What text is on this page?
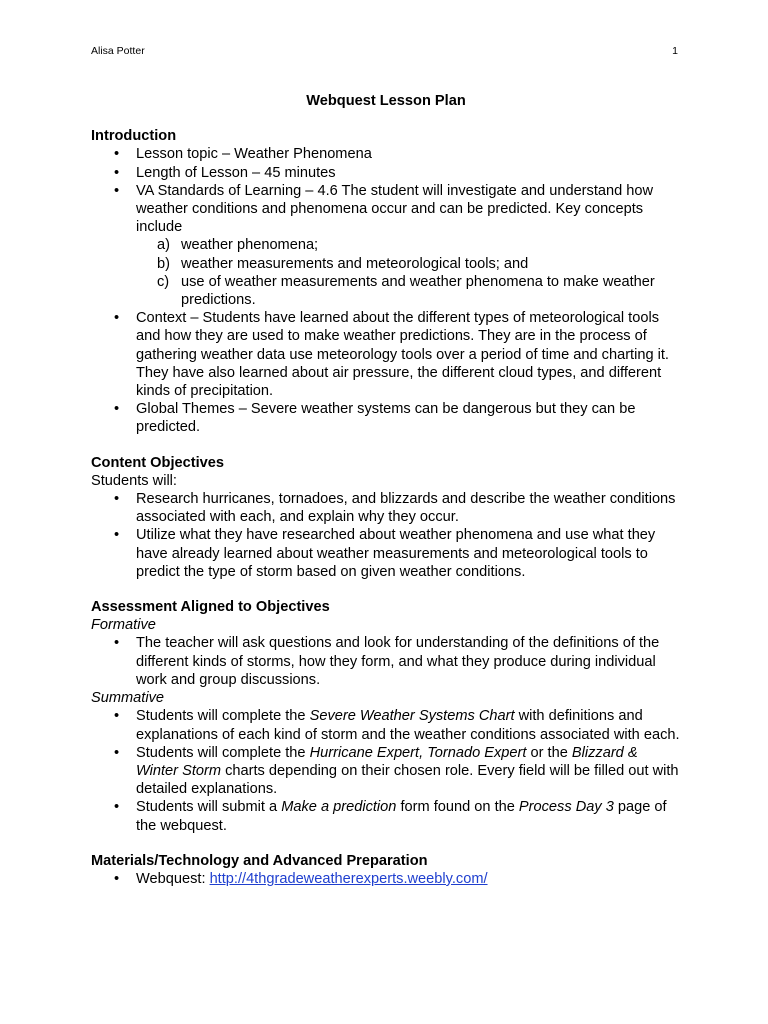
Alisa Potter	1

Webquest Lesson Plan

Introduction

• Lesson topic – Weather Phenomena
• Length of Lesson – 45 minutes
• VA Standards of Learning – 4.6 The student will investigate and understand how weather conditions and phenomena occur and can be predicted. Key concepts include
a) weather phenomena;
b) weather measurements and meteorological tools; and
c) use of weather measurements and weather phenomena to make weather predictions.
• Context – Students have learned about the different types of meteorological tools and how they are used to make weather predictions. They are in the process of gathering weather data use meteorology tools over a period of time and charting it. They have also learned about air pressure, the different cloud types, and different kinds of precipitation.
• Global Themes – Severe weather systems can be dangerous but they can be predicted.

Content Objectives

Students will:

• Research hurricanes, tornadoes, and blizzards and describe the weather conditions associated with each, and explain why they occur.
• Utilize what they have researched about weather phenomena and use what they have already learned about weather measurements and meteorological tools to predict the type of storm based on given weather conditions.

Assessment Aligned to Objectives

Formative

• The teacher will ask questions and look for understanding of the definitions of the different kinds of storms, how they form, and what they produce during individual work and group discussions.

Summative

• Students will complete the Severe Weather Systems Chart with definitions and explanations of each kind of storm and the weather conditions associated with each.
• Students will complete the Hurricane Expert, Tornado Expert or the Blizzard & Winter Storm charts depending on their chosen role. Every field will be filled out with detailed explanations.
• Students will submit a Make a prediction form found on the Process Day 3 page of the webquest.

Materials/Technology and Advanced Preparation

• Webquest: http://4thgradeweatherexperts.weebly.com/
